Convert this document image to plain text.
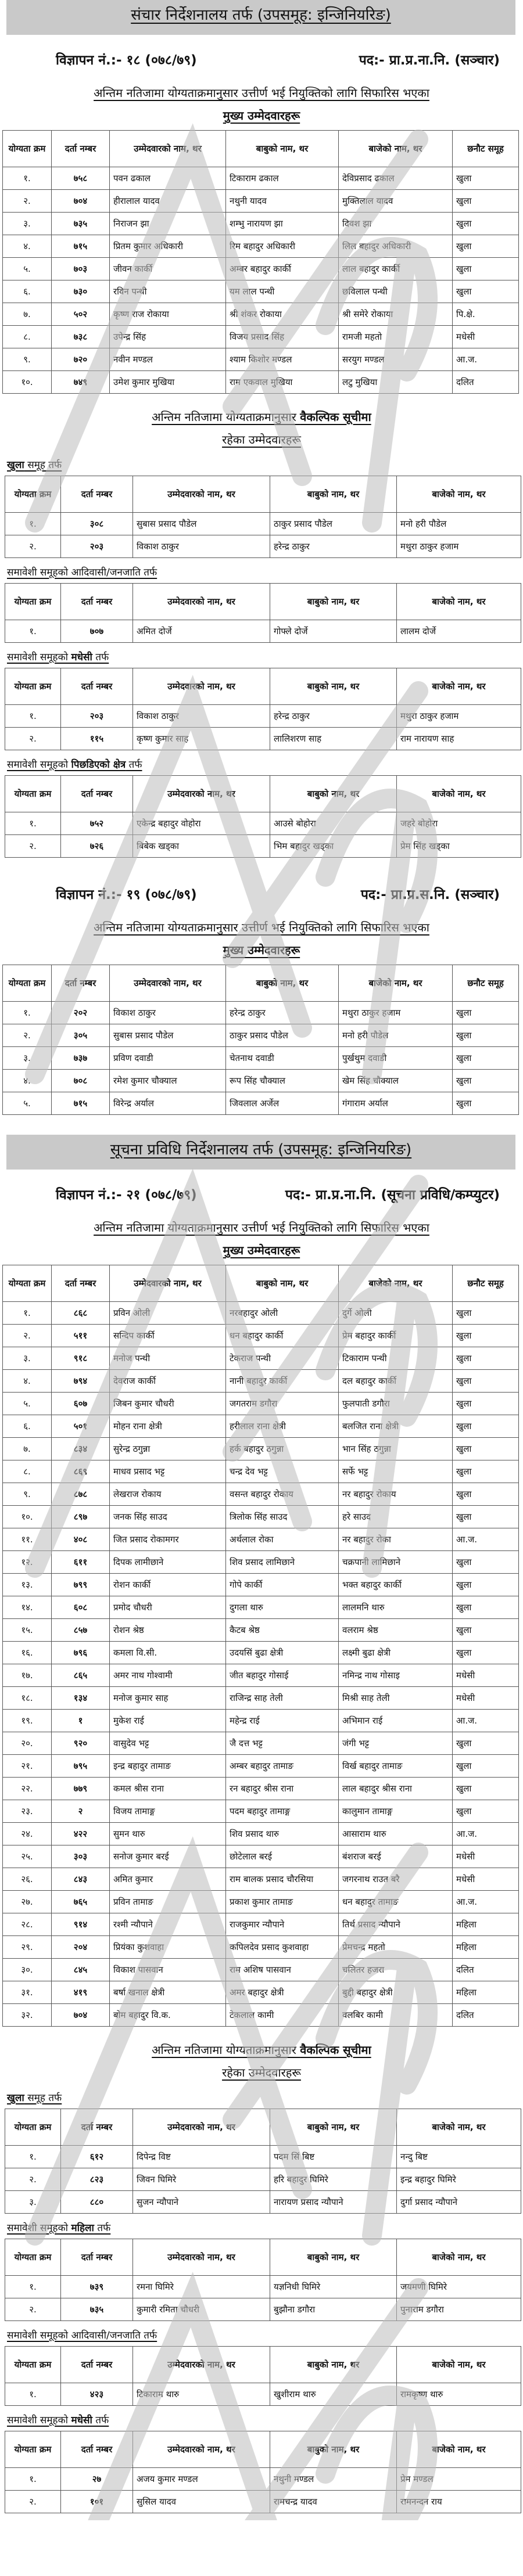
संचार निर्देशनालय तर्फ (उपसमूह: इन्जिनियरिङ)
विज्ञापन नं.:- १८ (०७८/७९)	पद:- प्रा.प्र.ना.नि. (सञ्चार)
अन्तिम नतिजामा योग्यताक्रमानुसार उत्तीर्ण भई नियुक्तिको लागि सिफारिस भएका
मुख्य उम्मेदवारहरू
योग्यता क्रम	दर्ता नम्बर	उम्मेदवारको नाम, थर	बाबुको नाम, थर	बाजेको नाम, थर	छनौट समूह
१.	७५८	पवन ढकाल	टिकाराम ढकाल	देविप्रसाद ढकाल	खुला
२.	७०४	हीरालाल यादव	नथुनी यादव	मुक्तिलाल यादव	खुला
३.	७३५	निराजन झा	शम्भु नारायण झा	दिवश झा	खुला
४.	७१५	प्रितम कुमार अधिकारी	रिम बहादुर अधिकारी	लिल बहादुर अधिकारी	खुला
५.	७०३	जीवन कार्की	अम्बर बहादुर कार्की	लाल बहादुर कार्की	खुला
६.	७३०	रविन पन्थी	यम लाल पन्थी	छविलाल पन्थी	खुला
७.	५०२	कृष्ण राज रोकाया	श्री शंकर रोकाया	श्री समेरे रोकाया	पि.क्षे.
८.	७३८	उपेन्द्र सिंह	विजय प्रसाद सिंह	रामजी महतो	मधेसी
९.	७२०	नवीन मण्डल	श्याम किशोर मण्डल	सरयुग मण्डल	आ.ज.
१०.	७४९	उमेश कुमार मुखिया	राम एकवाल मुखिया	लटु मुखिया	दलित
अन्तिम नतिजामा योग्यताक्रमानुसार वैकल्पिक सूचीमा
रहेका उम्मेदवारहरू
खुला समूह तर्फ
योग्यता क्रम	दर्ता नम्बर	उम्मेदवारको नाम, थर	बाबुको नाम, थर	बाजेको नाम, थर
१.	३०८	सुबास प्रसाद पौडेल	ठाकुर प्रसाद पौडेल	मनो हरी पौडेल
२.	२०३	विकाश ठाकुर	हरेन्द्र ठाकुर	मथुरा ठाकुर हजाम
समावेशी समूहको आदिवासी/जनजाति तर्फ
योग्यता क्रम	दर्ता नम्बर	उम्मेदवारको नाम, थर	बाबुको नाम, थर	बाजेको नाम, थर
१.	७०७	अमित दोर्जे	गोफ्ले दोर्जे	लालम दोर्जे
समावेशी समूहको मधेसी तर्फ
योग्यता क्रम	दर्ता नम्बर	उम्मेदवारको नाम, थर	बाबुको नाम, थर	बाजेको नाम, थर
१.	२०३	विकाश ठाकुर	हरेन्द्र ठाकुर	मथुरा ठाकुर हजाम
२.	११५	कृष्ण कुमार साह	लालिशरण साह	राम नारायण साह
समावेशी समूहको पिछडिएको क्षेत्र तर्फ
योग्यता क्रम	दर्ता नम्बर	उम्मेदवारको नाम, थर	बाबुको नाम, थर	बाजेको नाम, थर
१.	७५२	एकेन्द्र बहादुर वोहोरा	आउसे बोहोरा	जहरे बोहोरा
२.	७२६	बिबेक खड्का	भिम बहादुर खड्का	प्रेम सिंह खड्का
विज्ञापन नं.:- १९ (०७८/७९)	पद:- प्रा.प्र.स.नि. (सञ्चार)
अन्तिम नतिजामा योग्यताक्रमानुसार उत्तीर्ण भई नियुक्तिको लागि सिफारिस भएका
मुख्य उम्मेदवारहरू
योग्यता क्रम	दर्ता नम्बर	उम्मेदवारको नाम, थर	बाबुको नाम, थर	बाजेको नाम, थर	छनौट समूह
१.	२०२	विकाश ठाकुर	हरेन्द्र ठाकुर	मथुरा ठाकुर हजाम	खुला
२.	३०५	सुबास प्रसाद पौडेल	ठाकुर प्रसाद पौडेल	मनो हरी पौडेल	खुला
३.	७३७	प्रविण दवाडी	चेतनाथ दवाडी	पुर्खथुम दवाडी	खुला
४.	७०८	रमेश कुमार चौक्याल	रूप सिंह चौक्याल	खेम सिंह चौक्याल	खुला
५.	७१५	विरेन्द्र अर्याल	जिवलाल अर्जेल	गंगाराम अर्याल	खुला
सूचना प्रविधि निर्देशनालय तर्फ (उपसमूह: इन्जिनियरिङ)
विज्ञापन नं.:- २१ (०७८/७९)	पद:- प्रा.प्र.ना.नि. (सूचना प्रविधि/कम्प्युटर)
अन्तिम नतिजामा योग्यताक्रमानुसार उत्तीर्ण भई नियुक्तिको लागि सिफारिस भएका
मुख्य उम्मेदवारहरू
योग्यता क्रम	दर्ता नम्बर	उम्मेदवारको नाम, थर	बाबुको नाम, थर	बाजेको नाम, थर	छनौट समूह
१.	८६८	प्रविन ओली	नरबहादुर ओली	दुर्गे ओली	खुला
२.	५११	सन्दिप कार्की	धन बहादुर कार्की	प्रेम बहादुर कार्की	खुला
३.	९१८	मनोज पन्थी	टेकराज पन्थी	टिकाराम पन्थी	खुला
४.	७९४	देवराज कार्की	नानी बहादुर कार्की	दल बहादुर कार्की	खुला
५.	६०७	जिबन कुमार चौधरी	जगतराम डगौरा	फुलपाती डगौरा	खुला
६.	५०१	मोहन राना क्षेत्री	हरीलाल राना क्षेत्री	बलजित राना क्षेत्री	खुला
७.	८३४	सुरेन्द्र ठगुन्ना	हर्क बहादुर ठगुन्ना	भान सिंह ठगुन्ना	खुला
८.	८६९	माधव प्रसाद भट्ट	चन्द्र देव भट्ट	सर्फे भट्ट	खुला
९.	८७८	लेखराज रोकाय	वसन्त बहादुर रोकाय	नर बहादुर रोकाय	खुला
१०.	८९७	जनक सिंह साउद	त्रिलोक सिंह साउद	हरे साउद	खुला
११.	४०८	जित प्रसाद रोकामगर	अर्थलाल रोका	नर बहादुर रोका	आ.ज.
१२.	६११	दिपक लामीछाने	शिव प्रसाद लामिछाने	चक्रपानी लामिछाने	खुला
१३.	७९९	रोशन कार्की	गोपे कार्की	भक्त बहादुर कार्की	खुला
१४.	६०८	प्रमोद चौधरी	दुगला थारु	लालमनि थारु	खुला
१५.	८५७	रोशन श्रेष्ठ	कैटब श्रेष्ठ	वलराम श्रेष्ठ	खुला
१६.	७९६	कमला वि.सी.	उदयसिं बुढा क्षेत्री	लक्ष्मी बुढा क्षेत्री	खुला
१७.	८६५	अमर नाथ गोश्वामी	जीत बहादुर गोसाई	नमिन्द्र नाथ गोसाइ	मधेसी
१८.	१३४	मनोज कुमार साह	राजिन्द्र साह तेली	मिश्री साह तेली	मधेसी
१९.	१	मुकेश राई	महेन्द्र राई	अभिमान राई	आ.ज.
२०.	९२०	वासुदेव भट्ट	जै दत्त भट्ट	जंगी भट्ट	खुला
२१.	७९५	इन्द्र बहादुर तामाङ	अम्बर बहादुर तामाङ	विर्ख बहादुर तामाङ	खुला
२२.	७७९	कमल श्रीस राना	रन बहादुर श्रीस राना	लाल बहादुर श्रीस राना	खुला
२३.	२	विजय तामाङ्ग	पदम बहादुर तामाङ्ग	कालुमान तामाङ्ग	खुला
२४.	४२२	सुमन थारु	शिव प्रसाद थारु	आसाराम थारु	आ.ज.
२५.	३०३	सनोज कुमार बरई	छोटेलाल बरई	बंशराज बरई	मधेसी
२६.	८४३	अमित कुमार	राम बालक प्रसाद चौरसिया	जगरनाथ राउत बरै	मधेसी
२७.	७६५	प्रविन तामाङ	प्रकाश कुमार तामाङ	धन बहादुर तामाङ	आ.ज.
२८.	९१४	रश्मी न्यौपाने	राजकुमार न्यौपाने	तिर्थ प्रसाद न्यौपाने	महिला
२९.	२०४	प्रियंका कुशवाहा	कपिलदेव प्रसाद कुशवाहा	प्रेमचन्द्र महतो	महिला
३०.	८४५	विकाश पासवान	राम अशिष पासवान	चलितर हजरा	दलित
३१.	४१९	बर्षा खनाल क्षेत्री	अमर बहादुर क्षेत्री	बुद्दी बहादुर क्षेत्री	महिला
३२.	७०४	बोम बहादुर वि.क.	टेकलाल कामी	वलबिर कामी	दलित
अन्तिम नतिजामा योग्यताक्रमानुसार वैकल्पिक सूचीमा
रहेका उम्मेदवारहरू
खुला समूह तर्फ
योग्यता क्रम	दर्ता नम्बर	उम्मेदवारको नाम, थर	बाबुको नाम, थर	बाजेको नाम, थर
१.	६१२	दिपेन्द्र विष्ट	पदम सिं बिष्ट	नन्दु बिष्ट
२.	८२३	जिवन घिमिरे	हरि बहादुर घिमिरे	इन्द्र बहादुर घिमिरे
३.	८८०	सुजन न्यौपाने	नारायण प्रसाद न्यौपाने	दुर्गा प्रसाद न्यौपाने
समावेशी समूहको महिला तर्फ
योग्यता क्रम	दर्ता नम्बर	उम्मेदवारको नाम, थर	बाबुको नाम, थर	बाजेको नाम, थर
१.	७३९	रमना घिमिरे	यज्ञनिधी घिमिरे	जयमणी घिमिरे
२.	७३५	कुमारी रमिता चौधरी	बुझौना डगौरा	पुनाराम डगौरा
समावेशी समूहको आदिवासी/जनजाति तर्फ
योग्यता क्रम	दर्ता नम्बर	उम्मेदवारको नाम, थर	बाबुको नाम, थर	बाजेको नाम, थर
१.	४२३	टिकाराम थारु	खुशीराम थारु	रामकृष्ण थारु
समावेशी समूहको मधेसी तर्फ
योग्यता क्रम	दर्ता नम्बर	उम्मेदवारको नाम, थर	बाबुको नाम, थर	बाजेको नाम, थर
१.	२७	अजय कुमार मण्डल	नथुनी मण्डल	प्रेम मण्डल
२.	१०१	सुसिल यादव	रामचन्द्र यादव	रामनन्दन राय
